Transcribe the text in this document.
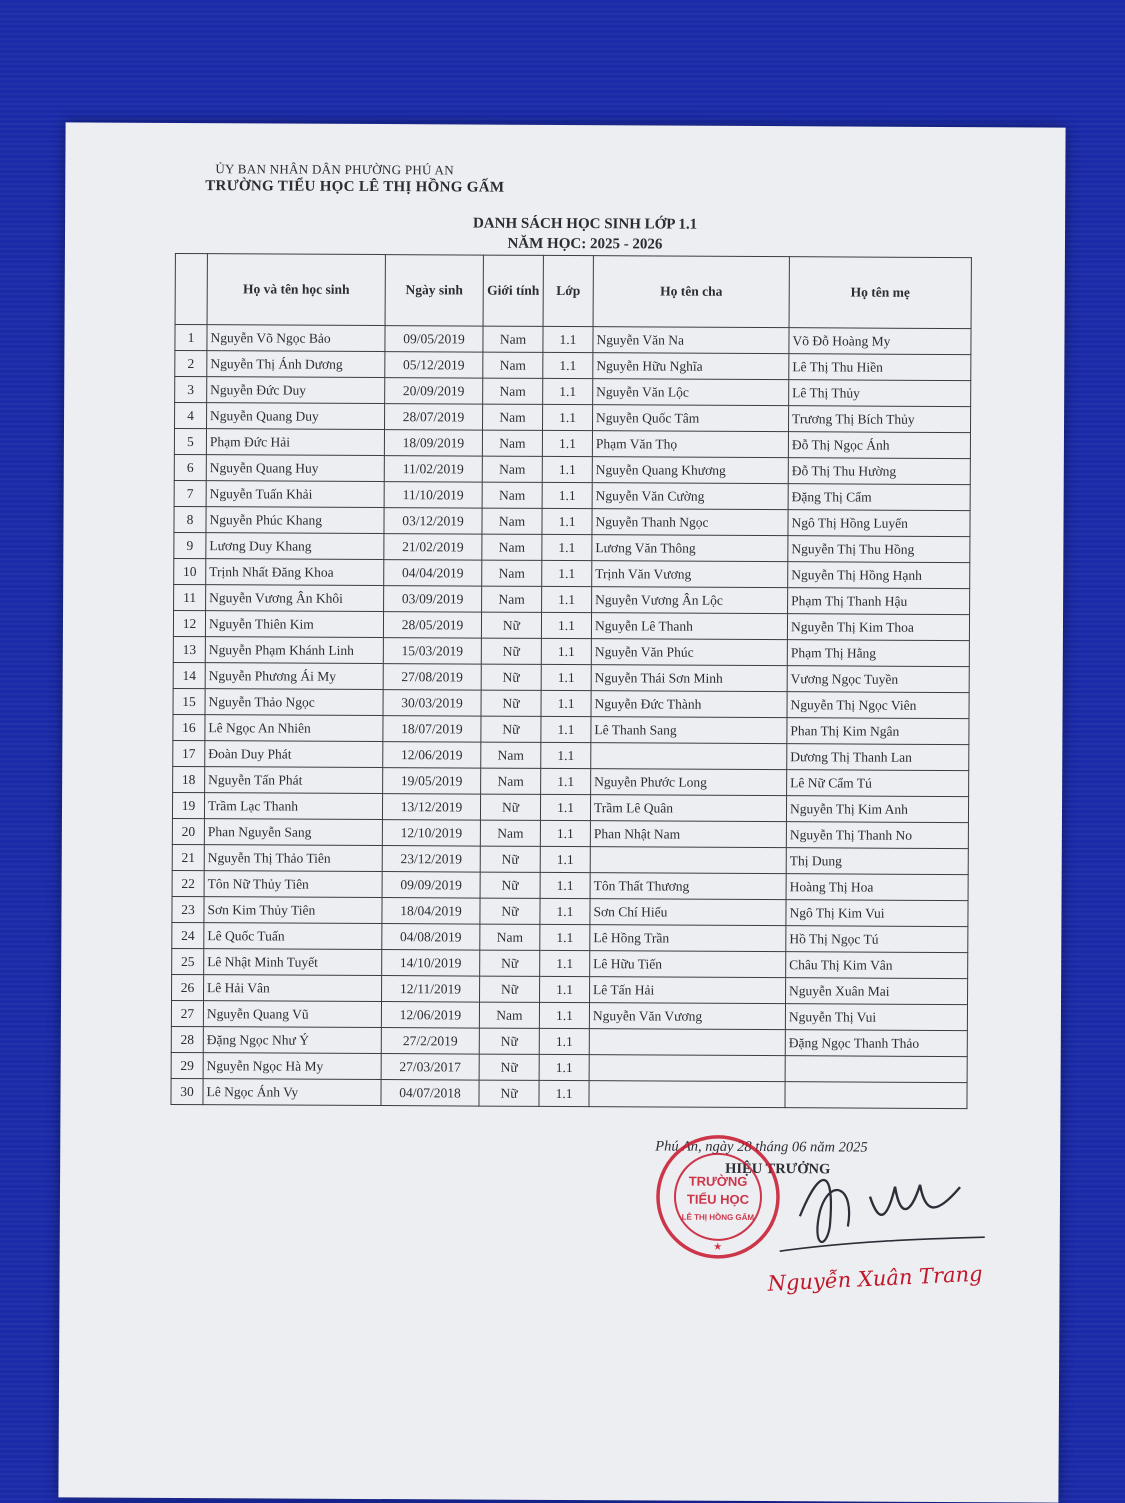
ỦY BAN NHÂN DÂN PHƯỜNG PHÚ AN
TRƯỜNG TIỂU HỌC LÊ THỊ HỒNG GẤM
DANH SÁCH HỌC SINH LỚP 1.1
NĂM HỌC: 2025 - 2026
	Họ và tên học sinh	Ngày sinh	Giới tính	Lớp	Họ tên cha	Họ tên mẹ
1	Nguyễn Võ Ngọc Bảo	09/05/2019	Nam	1.1	Nguyễn Văn Na	Võ Đỗ Hoàng My
2	Nguyễn Thị Ánh Dương	05/12/2019	Nam	1.1	Nguyễn Hữu Nghĩa	Lê Thị Thu Hiền
3	Nguyễn Đức Duy	20/09/2019	Nam	1.1	Nguyễn Văn Lộc	Lê Thị Thủy
4	Nguyễn Quang Duy	28/07/2019	Nam	1.1	Nguyễn Quốc Tâm	Trương Thị Bích Thủy
5	Phạm Đức Hải	18/09/2019	Nam	1.1	Phạm Văn Thọ	Đỗ Thị Ngọc Ánh
6	Nguyễn Quang Huy	11/02/2019	Nam	1.1	Nguyễn Quang Khương	Đỗ Thị Thu Hường
7	Nguyễn Tuấn Khải	11/10/2019	Nam	1.1	Nguyễn Văn Cường	Đặng Thị Cẩm
8	Nguyễn Phúc Khang	03/12/2019	Nam	1.1	Nguyễn Thanh Ngọc	Ngô Thị Hồng Luyến
9	Lương Duy Khang	21/02/2019	Nam	1.1	Lương Văn Thông	Nguyễn Thị Thu Hồng
10	Trịnh Nhất Đăng Khoa	04/04/2019	Nam	1.1	Trịnh Văn Vương	Nguyễn Thị Hồng Hạnh
11	Nguyễn Vương Ân Khôi	03/09/2019	Nam	1.1	Nguyễn Vương Ân Lộc	Phạm Thị Thanh Hậu
12	Nguyễn Thiên Kim	28/05/2019	Nữ	1.1	Nguyễn Lê Thanh	Nguyễn Thị Kim Thoa
13	Nguyễn Phạm Khánh Linh	15/03/2019	Nữ	1.1	Nguyễn Văn Phúc	Phạm Thị Hằng
14	Nguyễn Phương Ái My	27/08/2019	Nữ	1.1	Nguyễn Thái Sơn Minh	Vương Ngọc Tuyền
15	Nguyễn Thảo Ngọc	30/03/2019	Nữ	1.1	Nguyễn Đức Thành	Nguyễn Thị Ngọc Viên
16	Lê Ngọc An Nhiên	18/07/2019	Nữ	1.1	Lê Thanh Sang	Phan Thị Kim Ngân
17	Đoàn Duy Phát	12/06/2019	Nam	1.1		Dương Thị Thanh Lan
18	Nguyễn Tấn Phát	19/05/2019	Nam	1.1	Nguyễn Phước Long	Lê Nữ Cẩm Tú
19	Trầm Lạc Thanh	13/12/2019	Nữ	1.1	Trầm Lê Quân	Nguyễn Thị Kim Anh
20	Phan Nguyễn Sang	12/10/2019	Nam	1.1	Phan Nhật Nam	Nguyễn Thị Thanh No
21	Nguyễn Thị Thảo Tiên	23/12/2019	Nữ	1.1		Thị Dung
22	Tôn Nữ Thủy Tiên	09/09/2019	Nữ	1.1	Tôn Thất Thương	Hoàng Thị Hoa
23	Sơn Kim Thủy Tiên	18/04/2019	Nữ	1.1	Sơn Chí Hiếu	Ngô Thị Kim Vui
24	Lê Quốc Tuấn	04/08/2019	Nam	1.1	Lê Hồng Trần	Hồ Thị Ngọc Tú
25	Lê Nhật Minh Tuyết	14/10/2019	Nữ	1.1	Lê Hữu Tiến	Châu Thị Kim Vân
26	Lê Hải Vân	12/11/2019	Nữ	1.1	Lê Tấn Hải	Nguyễn Xuân Mai
27	Nguyễn Quang Vũ	12/06/2019	Nam	1.1	Nguyễn Văn Vương	Nguyễn Thị Vui
28	Đặng Ngọc Như Ý	27/2/2019	Nữ	1.1		Đặng Ngọc Thanh Thảo
29	Nguyễn Ngọc Hà My	27/03/2017	Nữ	1.1		
30	Lê Ngọc Ánh Vy	04/07/2018	Nữ	1.1		
Phú An, ngày 28 tháng 06 năm 2025
HIỆU TRƯỞNG
TRƯỜNG
TIỂU HỌC
LÊ THỊ HỒNG GẤM
★
Nguyễn Xuân Trang
